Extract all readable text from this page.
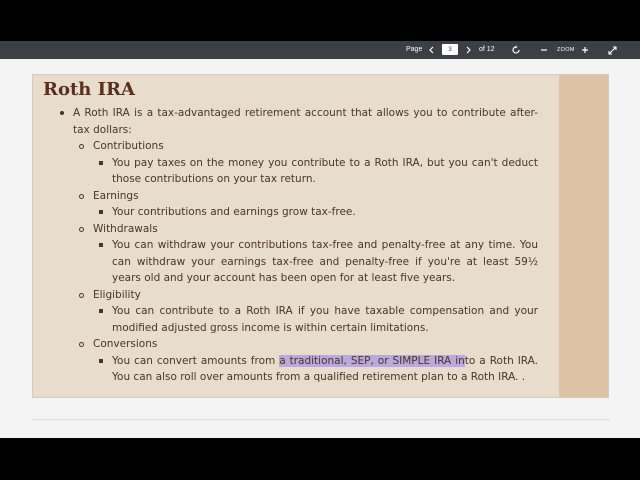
Page
3	of 12	ZOOM
Roth IRA
A Roth IRA is a tax-advantaged retirement account that allows you to contribute after-tax dollars:
Contributions
You pay taxes on the money you contribute to a Roth IRA, but you can't deduct those contributions on your tax return.
Earnings
Your contributions and earnings grow tax-free.
Withdrawals
You can withdraw your contributions tax-free and penalty-free at any time. You can withdraw your earnings tax-free and penalty-free if you're at least 59½ years old and your account has been open for at least five years.
Eligibility
You can contribute to a Roth IRA if you have taxable compensation and your modified adjusted gross income is within certain limitations.
Conversions
You can convert amounts from a traditional, SEP, or SIMPLE IRA into a Roth IRA. You can also roll over amounts from a qualified retirement plan to a Roth IRA. .
